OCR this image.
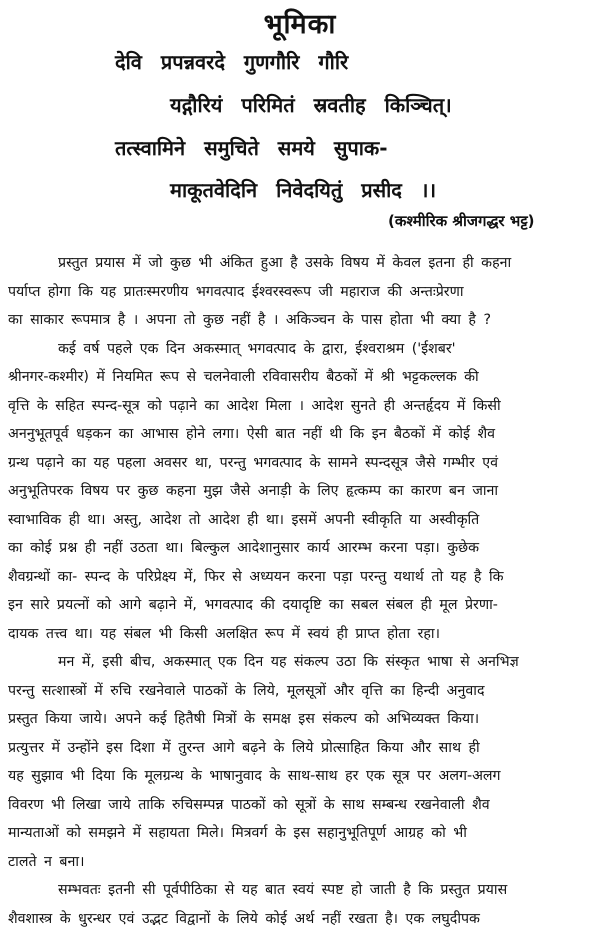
भूमिका
देवि प्रपन्नवरदे गुणगौरि गौरि
यद्गौरियं परिमितं स्रवतीह किञ्चित्।
तत्स्वामिने समुचिते समये सुपाक-
माकूतवेदिनि निवेदयितुं प्रसीद ।।
(कश्मीरिक श्रीजगद्धर भट्ट)
प्रस्तुत प्रयास में जो कुछ भी अंकित हुआ है उसके विषय में केवल इतना ही कहना
पर्याप्त होगा कि यह प्रातःस्मरणीय भगवत्पाद ईश्वरस्वरूप जी महाराज की अन्तःप्रेरणा
का साकार रूपमात्र है । अपना तो कुछ नहीं है । अकिञ्चन के पास होता भी क्या है ?
कई वर्ष पहले एक दिन अकस्मात् भगवत्पाद के द्वारा, ईश्वराश्रम ('ईशबर'
श्रीनगर-कश्मीर) में नियमित रूप से चलनेवाली रविवासरीय बैठकों में श्री भट्टकल्लक की
वृत्ति के सहित स्पन्द-सूत्र को पढ़ाने का आदेश मिला । आदेश सुनते ही अन्तर्हृदय में किसी
अननुभूतपूर्व धड़कन का आभास होने लगा। ऐसी बात नहीं थी कि इन बैठकों में कोई शैव
ग्रन्थ पढ़ाने का यह पहला अवसर था, परन्तु भगवत्पाद के सामने स्पन्दसूत्र जैसे गम्भीर एवं
अनुभूतिपरक विषय पर कुछ कहना मुझ जैसे अनाड़ी के लिए हृत्कम्प का कारण बन जाना
स्वाभाविक ही था। अस्तु, आदेश तो आदेश ही था। इसमें अपनी स्वीकृति या अस्वीकृति
का कोई प्रश्न ही नहीं उठता था। बिल्कुल आदेशानुसार कार्य आरम्भ करना पड़ा। कुछेक
शैवग्रन्थों का- स्पन्द के परिप्रेक्ष्य में, फिर से अध्ययन करना पड़ा परन्तु यथार्थ तो यह है कि
इन सारे प्रयत्नों को आगे बढ़ाने में, भगवत्पाद की दयादृष्टि का सबल संबल ही मूल प्रेरणा-
दायक तत्त्व था। यह संबल भी किसी अलक्षित रूप में स्वयं ही प्राप्त होता रहा।
मन में, इसी बीच, अकस्मात् एक दिन यह संकल्प उठा कि संस्कृत भाषा से अनभिज्ञ
परन्तु सत्शास्त्रों में रुचि रखनेवाले पाठकों के लिये, मूलसूत्रों और वृत्ति का हिन्दी अनुवाद
प्रस्तुत किया जाये। अपने कई हितैषी मित्रों के समक्ष इस संकल्प को अभिव्यक्त किया।
प्रत्युत्तर में उन्होंने इस दिशा में तुरन्त आगे बढ़ने के लिये प्रोत्साहित किया और साथ ही
यह सुझाव भी दिया कि मूलग्रन्थ के भाषानुवाद के साथ-साथ हर एक सूत्र पर अलग-अलग
विवरण भी लिखा जाये ताकि रुचिसम्पन्न पाठकों को सूत्रों के साथ सम्बन्ध रखनेवाली शैव
मान्यताओं को समझने में सहायता मिले। मित्रवर्ग के इस सहानुभूतिपूर्ण आग्रह को भी
टालते न बना।
सम्भवतः इतनी सी पूर्वपीठिका से यह बात स्वयं स्पष्ट हो जाती है कि प्रस्तुत प्रयास
शैवशास्त्र के धुरन्धर एवं उद्भट विद्वानों के लिये कोई अर्थ नहीं रखता है। एक लघुदीपक
